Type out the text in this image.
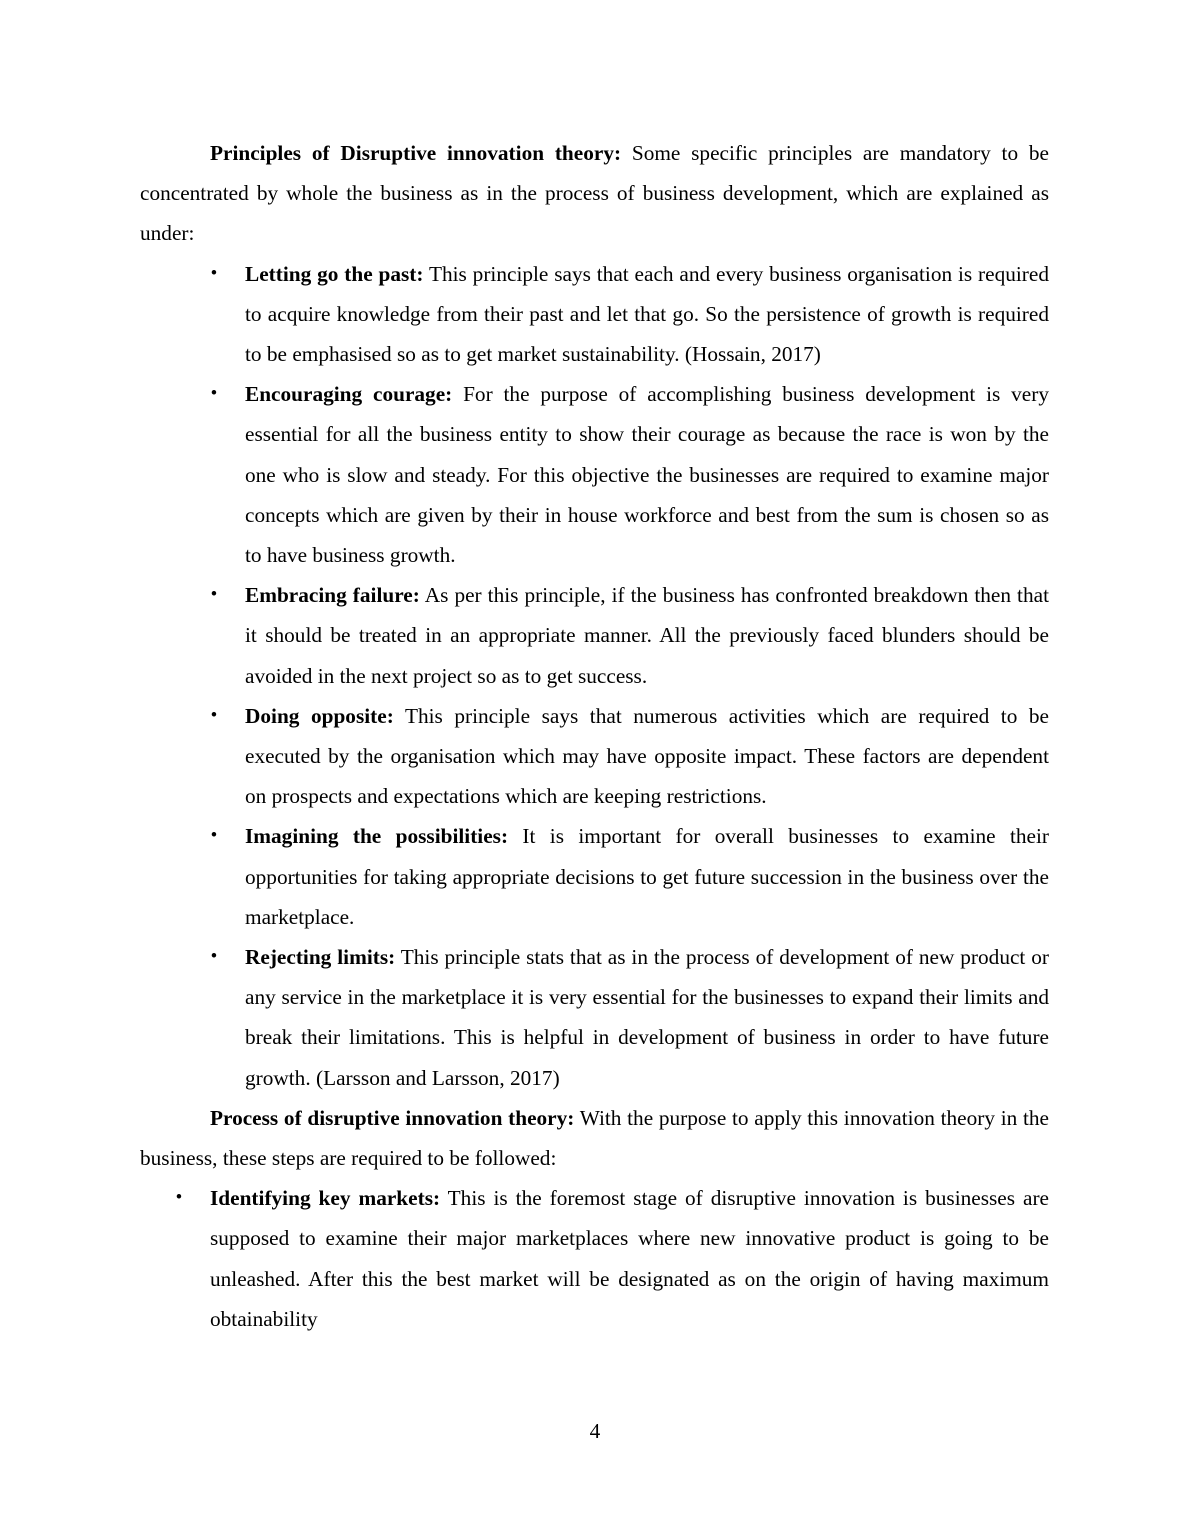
Principles of Disruptive innovation theory: Some specific principles are mandatory to be concentrated by whole the business as in the process of business development, which are explained as under:

•	Letting go the past: This principle says that each and every business organisation is required to acquire knowledge from their past and let that go. So the persistence of growth is required to be emphasised so as to get market sustainability. (Hossain, 2017)
•	Encouraging courage: For the purpose of accomplishing business development is very essential for all the business entity to show their courage as because the race is won by the one who is slow and steady. For this objective the businesses are required to examine major concepts which are given by their in house workforce and best from the sum is chosen so as to have business growth.
•	Embracing failure: As per this principle, if the business has confronted breakdown then that it should be treated in an appropriate manner. All the previously faced blunders should be avoided in the next project so as to get success.
•	Doing opposite: This principle says that numerous activities which are required to be executed by the organisation which may have opposite impact. These factors are dependent on prospects and expectations which are keeping restrictions.
•	Imagining the possibilities: It is important for overall businesses to examine their opportunities for taking appropriate decisions to get future succession in the business over the marketplace.
•	Rejecting limits: This principle stats that as in the process of development of new product or any service in the marketplace it is very essential for the businesses to expand their limits and break their limitations. This is helpful in development of business in order to have future growth. (Larsson and Larsson, 2017)

Process of disruptive innovation theory: With the purpose to apply this innovation theory in the business, these steps are required to be followed:

•	Identifying key markets: This is the foremost stage of disruptive innovation is businesses are supposed to examine their major marketplaces where new innovative product is going to be unleashed. After this the best market will be designated as on the origin of having maximum obtainability
4
